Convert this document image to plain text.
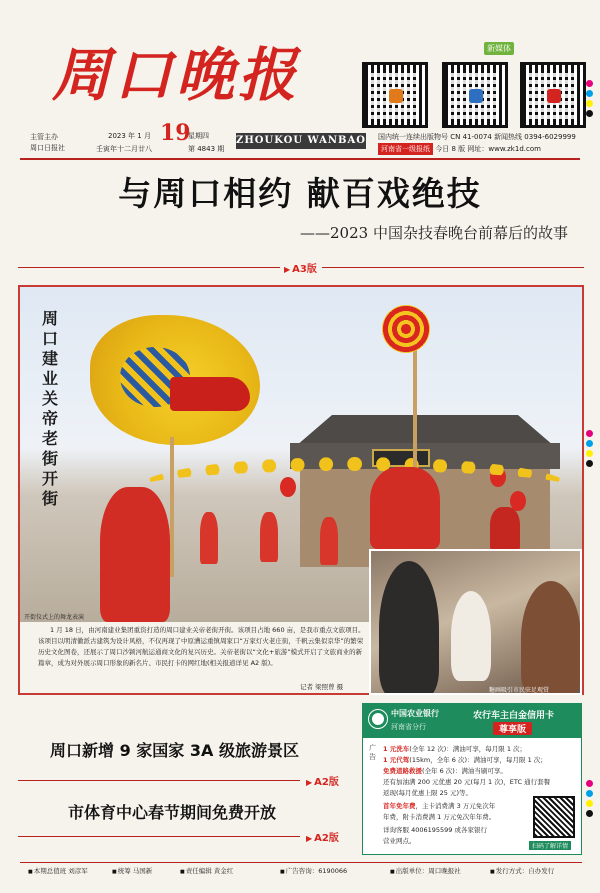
周口晚报	新媒体
主管主办
周口日报社
2023 年 1 月 19
星期四
壬寅年十二月廿八	第 4843 期
ZHOUKOU WANBAO 国内统一连续出版物号 CN 41-0074 新闻热线 0394-6029999
河南省一级报纸 今日 8 版 网址：www.zk1d.com
与周口相约 献百戏绝技
——2023 中国杂技春晚台前幕后的故事
▶ A3版
周口建业关帝老街开街
开街仪式上的舞龙表演
糖画吸引市民驻足观赏
1 月 18 日，由河南建业集团重资打造的周口建业关帝老街开街。该项目占地 660 亩，是我市重点文旅项目。该项目以明清徽派古建筑为设计风格，不仅再现了中原漕运重镇周家口“万家灯火老庄街，千帆云集似京华”的繁荣历史文化图卷，还展示了周口沙颍河航运通商文化的复兴历史。关帝老街以“文化+旅游”模式开启了文旅商业的新篇章，成为对外展示周口形象的新名片、市民打卡的网红地(相关报道详见 A2 版)。
记者 梁照曾 摄
周口新增 9 家国家 3A 级旅游景区
▶ A2版
市体育中心春节期间免费开放
▶ A2版
中国农业银行
河南省分行
农行车主白金信用卡
尊享版
广告
1 元洗车(全年 12 次)：满油可享，每月限 1 次；
1 元代驾(15km，全年 6 次)：满油可享，每月限 1 次；
免费道路救援(全年 6 次)：满油当刷可享。
还有加油满 200 元优惠 20 元(每月 1 次)，ETC 通行套餐
返现(每月优惠上限 25 元)等。
首年免年费，主卡消费满 3 万元免次年
年费，附卡消费满 1 万元免次年年费。
详询客服 4006195599 或各家银行
营业网点。
扫码了解详情
■ 本期总值班 刘彦军	■ 统筹 马国新	■ 责任编辑 黄金红	■ 广告咨询：6190066	■ 出版单位：周口晚报社	■ 发行方式：自办发行
